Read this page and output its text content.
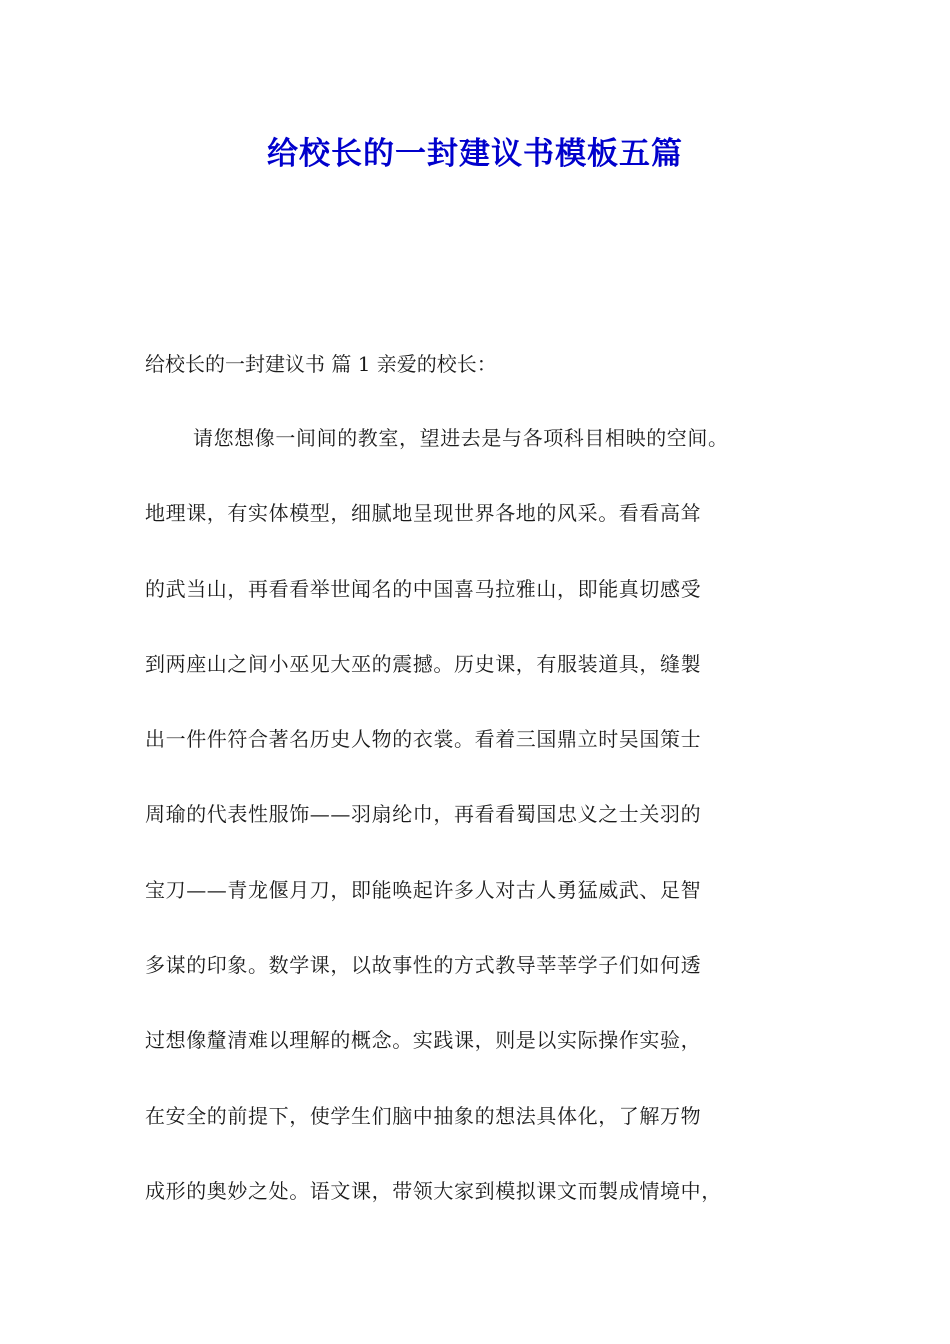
给校长的一封建议书模板五篇

给校长的一封建议书 篇 1 亲爱的校长：

请您想像一间间的教室，望进去是与各项科目相映的空间。
地理课，有实体模型，细腻地呈现世界各地的风采。看看高耸
的武当山，再看看举世闻名的中国喜马拉雅山，即能真切感受
到两座山之间小巫见大巫的震撼。历史课，有服装道具，缝製
出一件件符合著名历史人物的衣裳。看着三国鼎立时吴国策士
周瑜的代表性服饰——羽扇纶巾，再看看蜀国忠义之士关羽的
宝刀——青龙偃月刀，即能唤起许多人对古人勇猛威武、足智
多谋的印象。数学课，以故事性的方式教导莘莘学子们如何透
过想像釐清难以理解的概念。实践课，则是以实际操作实验，
在安全的前提下，使学生们脑中抽象的想法具体化，了解万物
成形的奥妙之处。语文课，带领大家到模拟课文而製成情境中，
